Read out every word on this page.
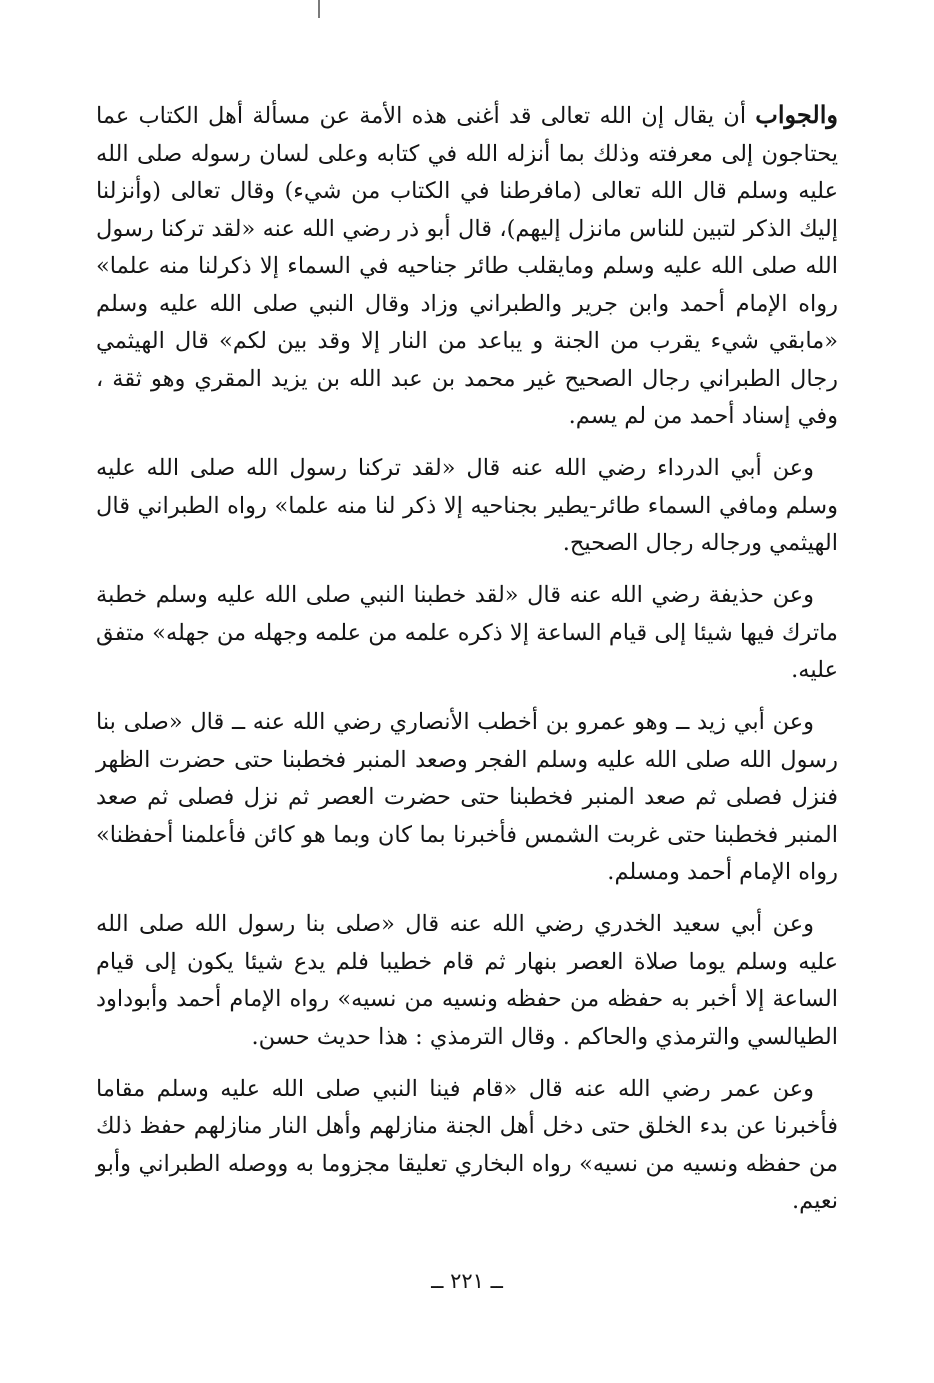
والجواب أن يقال إن الله تعالى قد أغنى هذه الأمة عن مسألة أهل الكتاب عما يحتاجون إلى معرفته وذلك بما أنزله الله في كتابه وعلى لسان رسوله صلى الله عليه وسلم قال الله تعالى (مافرطنا في الكتاب من شيء) وقال تعالى (وأنزلنا إليك الذكر لتبين للناس مانزل إليهم)، قال أبو ذر رضي الله عنه «لقد تركنا رسول الله صلى الله عليه وسلم ومايقلب طائر جناحيه في السماء إلا ذكرلنا منه علما» رواه الإمام أحمد وابن جرير والطبراني وزاد وقال النبي صلى الله عليه وسلم «مابقي شيء يقرب من الجنة و يباعد من النار إلا وقد بين لكم» قال الهيثمي رجال الطبراني رجال الصحيح غير محمد بن عبد الله بن يزيد المقري وهو ثقة ، وفي إسناد أحمد من لم يسم.

وعن أبي الدرداء رضي الله عنه قال «لقد تركنا رسول الله صلى الله عليه وسلم ومافي السماء طائر-يطير بجناحيه إلا ذكر لنا منه علما» رواه الطبراني قال الهيثمي ورجاله رجال الصحيح.

وعن حذيفة رضي الله عنه قال «لقد خطبنا النبي صلى الله عليه وسلم خطبة ماترك فيها شيئا إلى قيام الساعة إلا ذكره علمه من علمه وجهله من جهله» متفق عليه.

وعن أبي زيد ــ وهو عمرو بن أخطب الأنصاري رضي الله عنه ــ قال «صلى بنا رسول الله صلى الله عليه وسلم الفجر وصعد المنبر فخطبنا حتى حضرت الظهر فنزل فصلى ثم صعد المنبر فخطبنا حتى حضرت العصر ثم نزل فصلى ثم صعد المنبر فخطبنا حتى غربت الشمس فأخبرنا بما كان وبما هو كائن فأعلمنا أحفظنا» رواه الإمام أحمد ومسلم.

وعن أبي سعيد الخدري رضي الله عنه قال «صلى بنا رسول الله صلى الله عليه وسلم يوما صلاة العصر بنهار ثم قام خطيبا فلم يدع شيئا يكون إلى قيام الساعة إلا أخبر به حفظه من حفظه ونسيه من نسيه» رواه الإمام أحمد وأبوداود الطيالسي والترمذي والحاكم . وقال الترمذي : هذا حديث حسن.

وعن عمر رضي الله عنه قال «قام فينا النبي صلى الله عليه وسلم مقاما فأخبرنا عن بدء الخلق حتى دخل أهل الجنة منازلهم وأهل النار منازلهم حفظ ذلك من حفظه ونسيه من نسيه» رواه البخاري تعليقا مجزوما به ووصله الطبراني وأبو نعيم.

ــ ٢٢١ ــ
